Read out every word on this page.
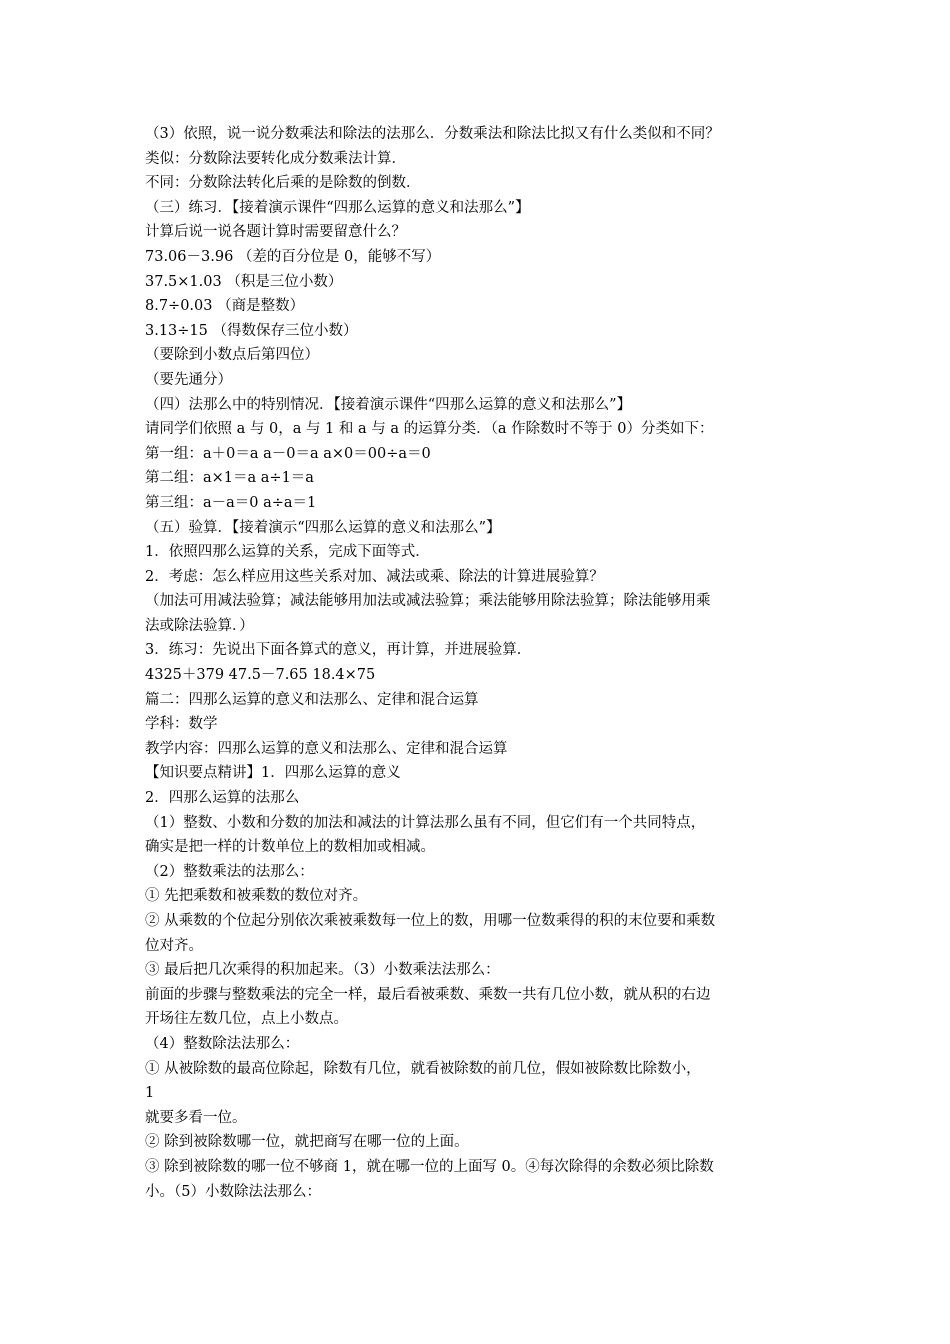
（3）依照，说一说分数乘法和除法的法那么．分数乘法和除法比拟又有什么类似和不同？
类似：分数除法要转化成分数乘法计算．
不同：分数除法转化后乘的是除数的倒数．
（三）练习．【接着演示课件“四那么运算的意义和法那么”】
计算后说一说各题计算时需要留意什么？
73.06－3.96 （差的百分位是 0，能够不写）
37.5×1.03 （积是三位小数）
8.7÷0.03 （商是整数）
3.13÷15 （得数保存三位小数）
（要除到小数点后第四位）
（要先通分）
（四）法那么中的特别情况．【接着演示课件“四那么运算的意义和法那么”】
请同学们依照 a 与 0，a 与 1 和 a 与 a 的运算分类．（a 作除数时不等于 0）分类如下：
第一组：a＋0＝a a－0＝a a×0＝00÷a＝0
第二组：a×1＝a a÷1＝a
第三组：a－a＝0 a÷a＝1
（五）验算．【接着演示“四那么运算的意义和法那么”】
1．依照四那么运算的关系，完成下面等式．
2．考虑：怎么样应用这些关系对加、减法或乘、除法的计算进展验算？
（加法可用减法验算；减法能够用加法或减法验算；乘法能够用除法验算；除法能够用乘
法或除法验算．）
3．练习：先说出下面各算式的意义，再计算，并进展验算．
4325＋379 47.5－7.65 18.4×75
篇二：四那么运算的意义和法那么、定律和混合运算
学科：数学
教学内容：四那么运算的意义和法那么、定律和混合运算
【知识要点精讲】1．四那么运算的意义
2．四那么运算的法那么
（1）整数、小数和分数的加法和减法的计算法那么虽有不同，但它们有一个共同特点，
确实是把一样的计数单位上的数相加或相减。
（2）整数乘法的法那么：
① 先把乘数和被乘数的数位对齐。
② 从乘数的个位起分别依次乘被乘数每一位上的数，用哪一位数乘得的积的末位要和乘数
位对齐。
③ 最后把几次乘得的积加起来。（3）小数乘法法那么：
前面的步骤与整数乘法的完全一样，最后看被乘数、乘数一共有几位小数，就从积的右边
开场往左数几位，点上小数点。
（4）整数除法法那么：
① 从被除数的最高位除起，除数有几位，就看被除数的前几位，假如被除数比除数小，
1
就要多看一位。
② 除到被除数哪一位，就把商写在哪一位的上面。
③ 除到被除数的哪一位不够商 1，就在哪一位的上面写 0。④每次除得的余数必须比除数
小。（5）小数除法法那么：
